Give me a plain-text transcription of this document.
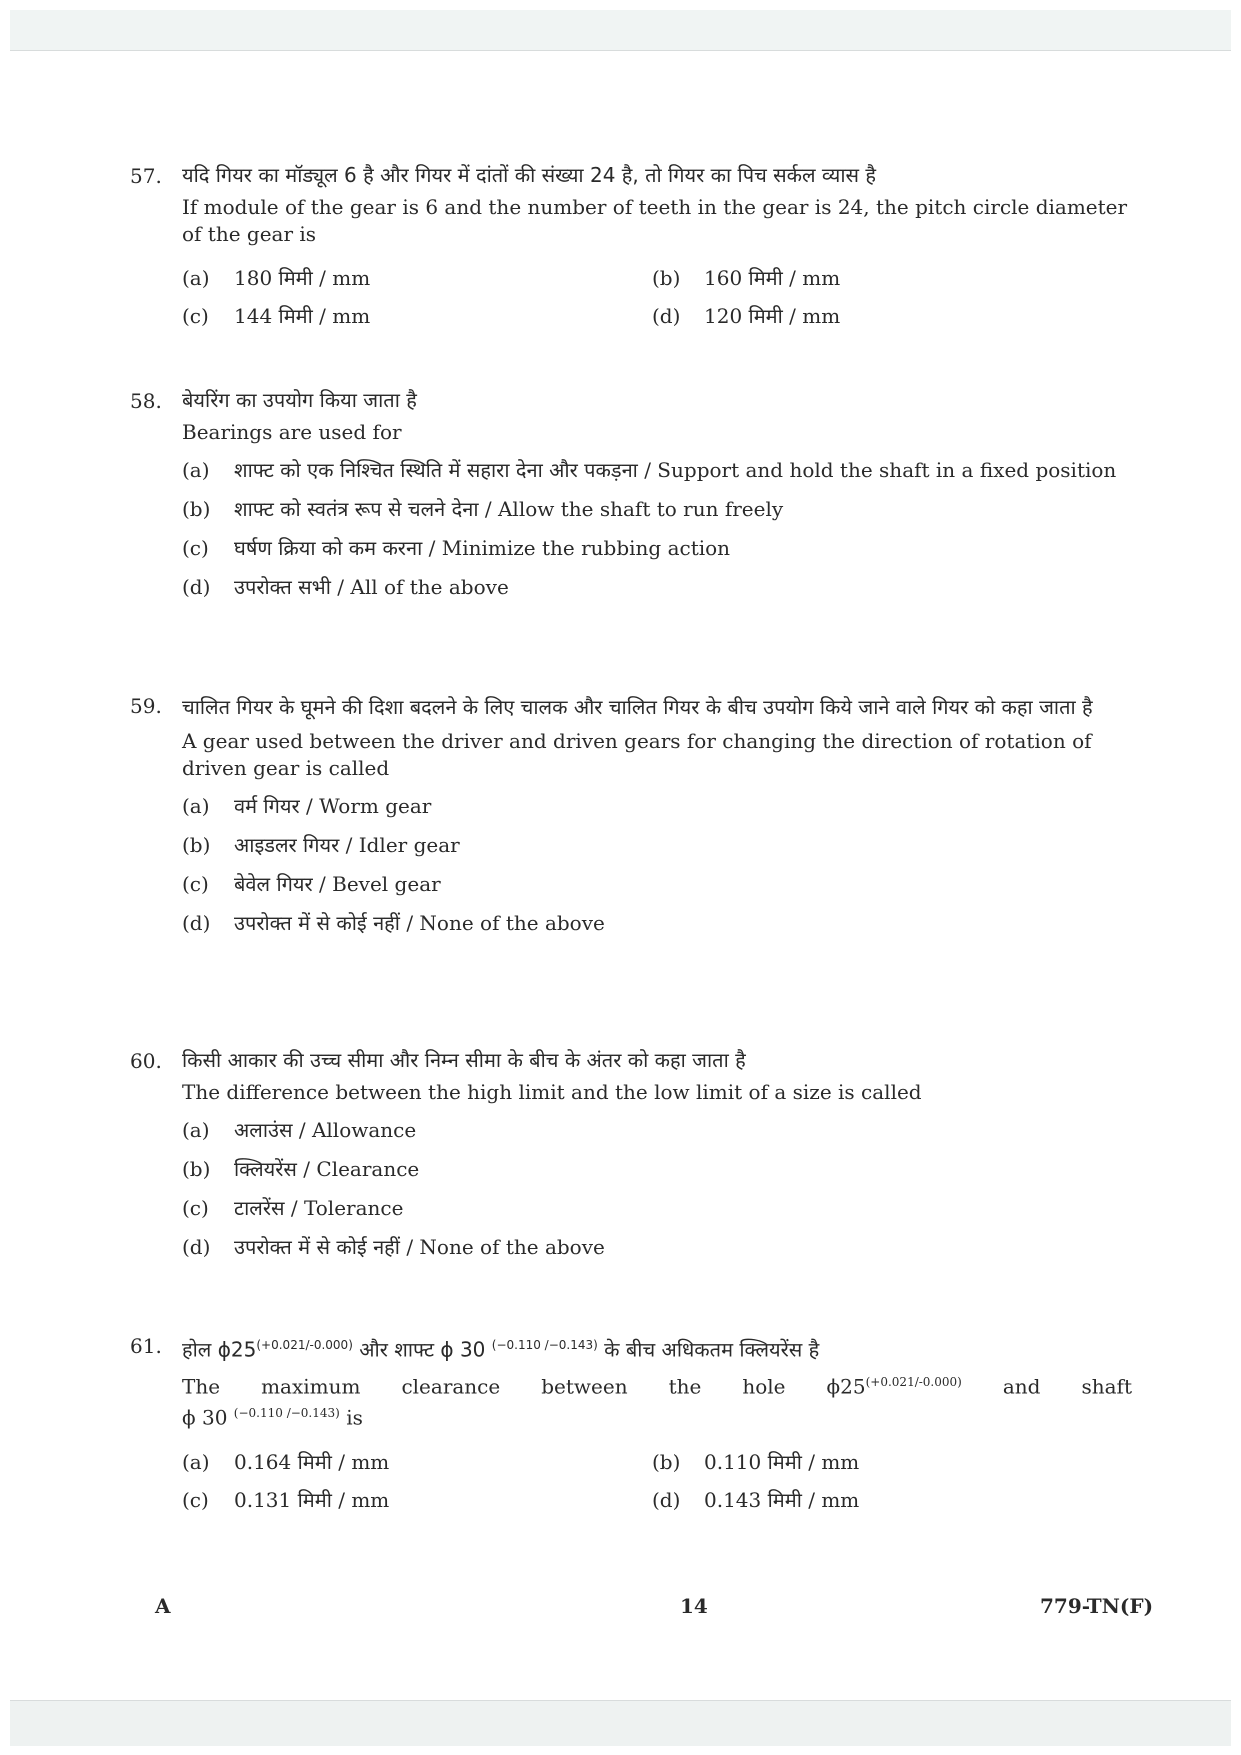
57. यदि गियर का मॉड्यूल 6 है और गियर में दांतों की संख्या 24 है, तो गियर का पिच सर्कल व्यास है
If module of the gear is 6 and the number of teeth in the gear is 24, the pitch circle diameter of the gear is
(a)	180 मिमी / mm	(b)	160 मिमी / mm
(c)	144 मिमी / mm	(d)	120 मिमी / mm
58. बेयरिंग का उपयोग किया जाता है
Bearings are used for
(a)	शाफ्ट को एक निश्चित स्थिति में सहारा देना और पकड़ना / Support and hold the shaft in a fixed position
(b)	शाफ्ट को स्वतंत्र रूप से चलने देना / Allow the shaft to run freely
(c)	घर्षण क्रिया को कम करना / Minimize the rubbing action
(d)	उपरोक्त सभी / All of the above
59. चालित गियर के घूमने की दिशा बदलने के लिए चालक और चालित गियर के बीच उपयोग किये जाने वाले गियर को कहा जाता है
A gear used between the driver and driven gears for changing the direction of rotation of driven gear is called
(a)	वर्म गियर / Worm gear
(b)	आइडलर गियर / Idler gear
(c)	बेवेल गियर / Bevel gear
(d)	उपरोक्त में से कोई नहीं / None of the above
60. किसी आकार की उच्च सीमा और निम्न सीमा के बीच के अंतर को कहा जाता है
The difference between the high limit and the low limit of a size is called
(a)	अलाउंस / Allowance
(b)	क्लियरेंस / Clearance
(c)	टालरेंस / Tolerance
(d)	उपरोक्त में से कोई नहीं / None of the above
61. होल $\phi 25^{(+0.021/-0.000)}$ और शाफ्ट ϕ 30 $^{(-0.110 /-0.143)}$ के बीच अधिकतम क्लियरेंस है
The maximum clearance between the hole $\phi 25^{(+0.021/-0.000)}$ and shaft
ϕ 30 $^{(-0.110 /-0.143)}$ is
(a)	0.164 मिमी / mm	(b)	0.110 मिमी / mm
(c)	0.131 मिमी / mm	(d)	0.143 मिमी / mm
A	14	779-TN(F)
